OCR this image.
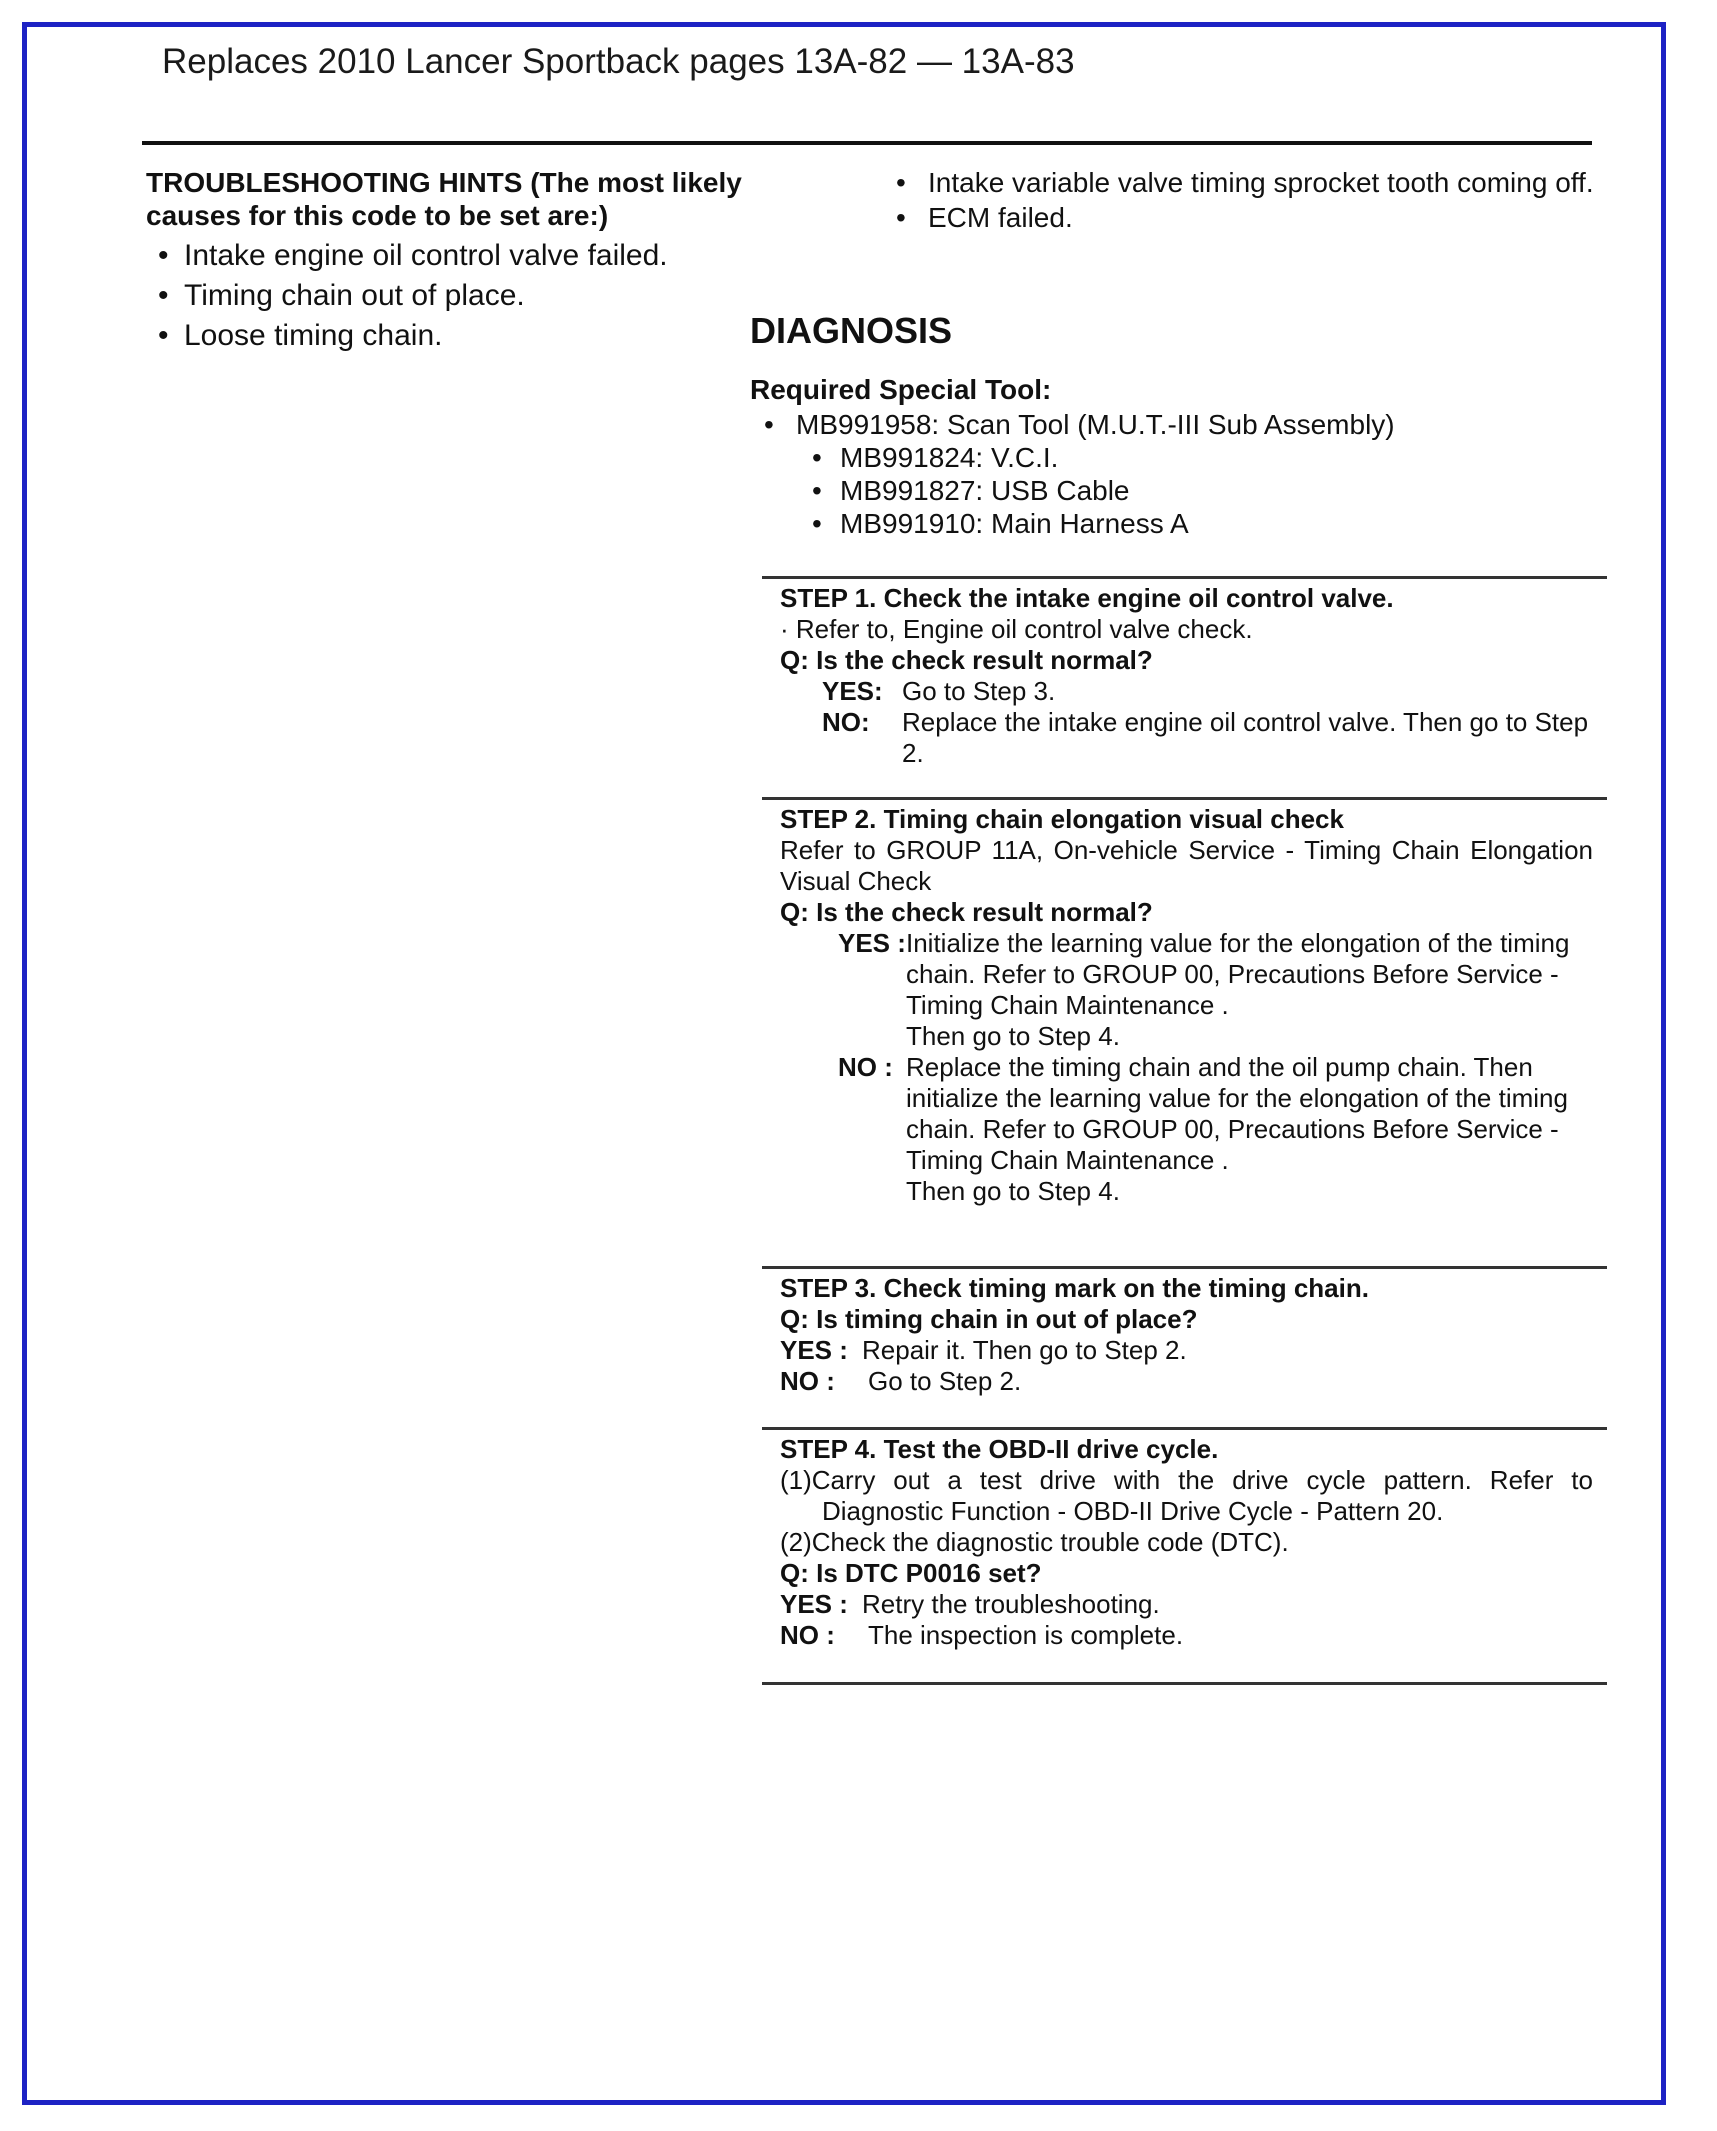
Replaces 2010 Lancer Sportback pages 13A-82 — 13A-83
TROUBLESHOOTING HINTS (The most likely causes for this code to be set are:)
• Intake engine oil control valve failed.
• Timing chain out of place.
• Loose timing chain.
• Intake variable valve timing sprocket tooth coming off.
• ECM failed.
DIAGNOSIS
Required Special Tool:
• MB991958: Scan Tool (M.U.T.-III Sub Assembly)
• MB991824: V.C.I.
• MB991827: USB Cable
• MB991910: Main Harness A
STEP 1. Check the intake engine oil control valve.
· Refer to, Engine oil control valve check.
Q: Is the check result normal?
YES: Go to Step 3.
NO:	Replace the intake engine oil control valve. Then go to Step 2.
STEP 2. Timing chain elongation visual check
Refer to GROUP 11A, On-vehicle Service - Timing Chain Elongation Visual Check
Q: Is the check result normal?
YES : Initialize the learning value for the elongation of the timing chain. Refer to GROUP 00, Precautions Before Service - Timing Chain Maintenance .
Then go to Step 4.
NO : Replace the timing chain and the oil pump chain. Then initialize the learning value for the elongation of the timing chain. Refer to GROUP 00, Precautions Before Service - Timing Chain Maintenance .
Then go to Step 4.
STEP 3. Check timing mark on the timing chain.
Q: Is timing chain in out of place?
YES : Repair it. Then go to Step 2.
NO :	Go to Step 2.
STEP 4. Test the OBD-II drive cycle.
(1)Carry out a test drive with the drive cycle pattern. Refer to Diagnostic Function - OBD-II Drive Cycle - Pattern 20.
(2)Check the diagnostic trouble code (DTC).
Q: Is DTC P0016 set?
YES : Retry the troubleshooting.
NO :	The inspection is complete.
